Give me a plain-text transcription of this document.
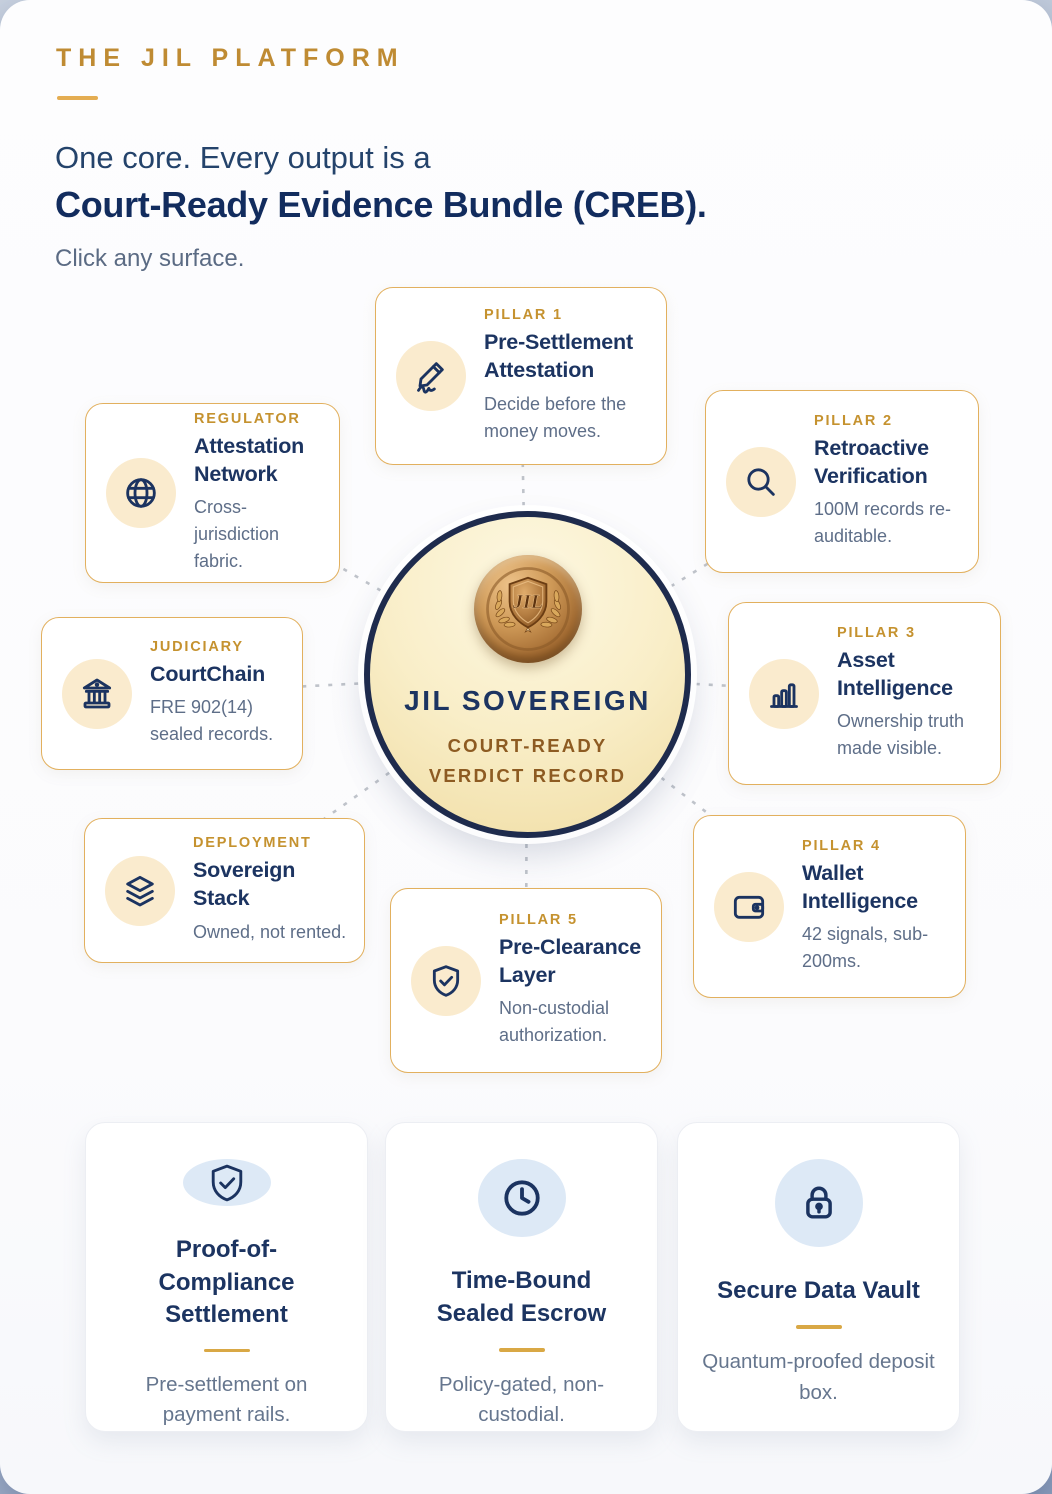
THE JIL PLATFORM
One core. Every output is a
Court-Ready Evidence Bundle (CREB).
Click any surface.
JIL
JIL SOVEREIGN
COURT-READY VERDICT RECORD
PILLAR 1
Pre-Settlement Attestation
Decide before the money moves.	PILLAR 2
Retroactive Verification
100M records re-auditable.
PILLAR 3
Asset Intelligence
Ownership truth made visible.
PILLAR 4
Wallet Intelligence
42 signals, sub-200ms.
PILLAR 5
Pre-Clearance Layer
Non-custodial authorization.
REGULATOR
Attestation Network
Cross-jurisdiction fabric.
JUDICIARY
CourtChain
FRE 902(14) sealed records.
DEPLOYMENT
Sovereign Stack
Owned, not rented.
Proof-of-Compliance Settlement
Pre-settlement on payment rails.
Time-Bound Sealed Escrow
Policy-gated, non-custodial.
Secure Data Vault
Quantum-proofed deposit box.
